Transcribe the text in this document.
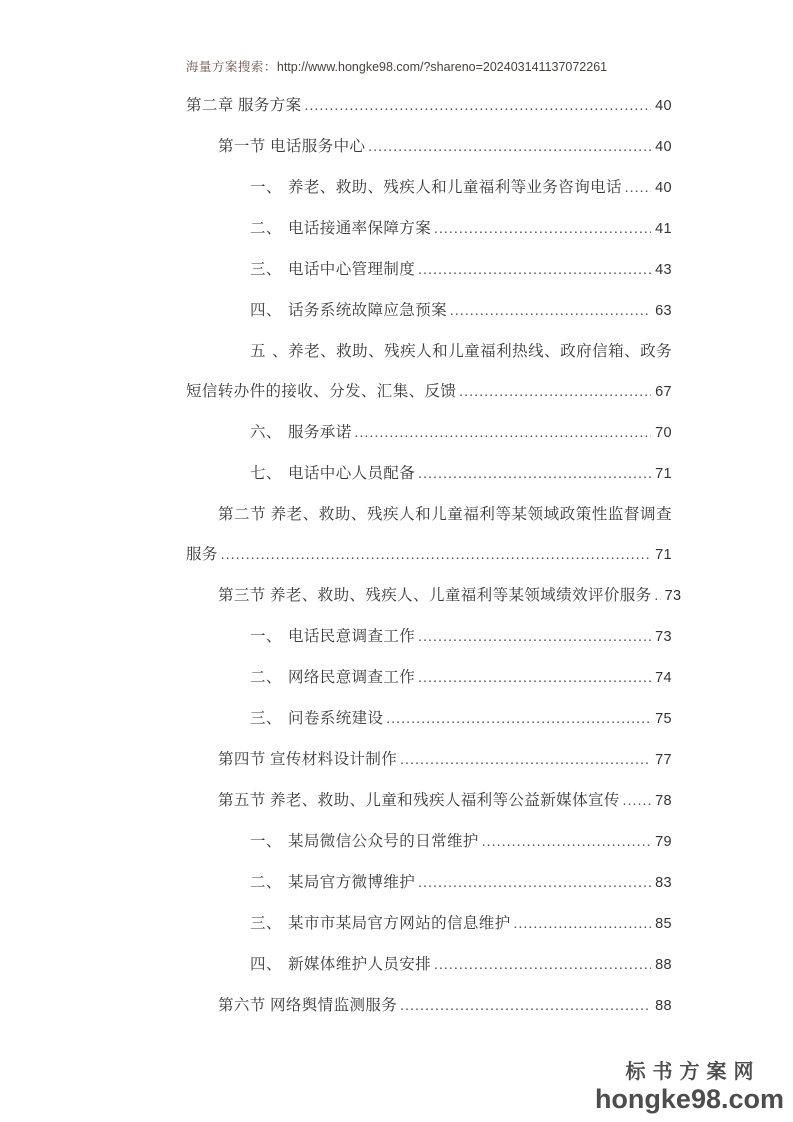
海量方案搜索：http://www.hongke98.com/?shareno=202403141137072261
第二章 服务方案 .....	40
第一节 电话服务中心 .....	40
一、 养老、救助、残疾人和儿童福利等业务咨询电话 ..... 40
二、 电话接通率保障方案 .....	41
三、 电话中心管理制度 .....	43
四、 话务系统故障应急预案 .....	63
五、养老、救助、残疾人和儿童福利热线、政府信箱、政务
短信转办件的接收、分发、汇集、反馈 .....	67
六、 服务承诺 .....	70
七、 电话中心人员配备 .....	71
第二节 养老、救助、残疾人和儿童福利等某领域政策性监督调查
服务 .....	71
第三节 养老、救助、残疾人、儿童福利等某领域绩效评价服务 ..... 73
一、 电话民意调查工作 .....	73
二、 网络民意调查工作 .....	74
三、 问卷系统建设 .....	75
第四节 宣传材料设计制作 .....	77
第五节 养老、救助、儿童和残疾人福利等公益新媒体宣传 ..... 78
一、 某局微信公众号的日常维护 .....	79
二、 某局官方微博维护 .....	83
三、 某市市某局官方网站的信息维护 .....	85
四、 新媒体维护人员安排 .....	88
第六节 网络舆情监测服务 .....	88
标书方案网
hongke98.com
